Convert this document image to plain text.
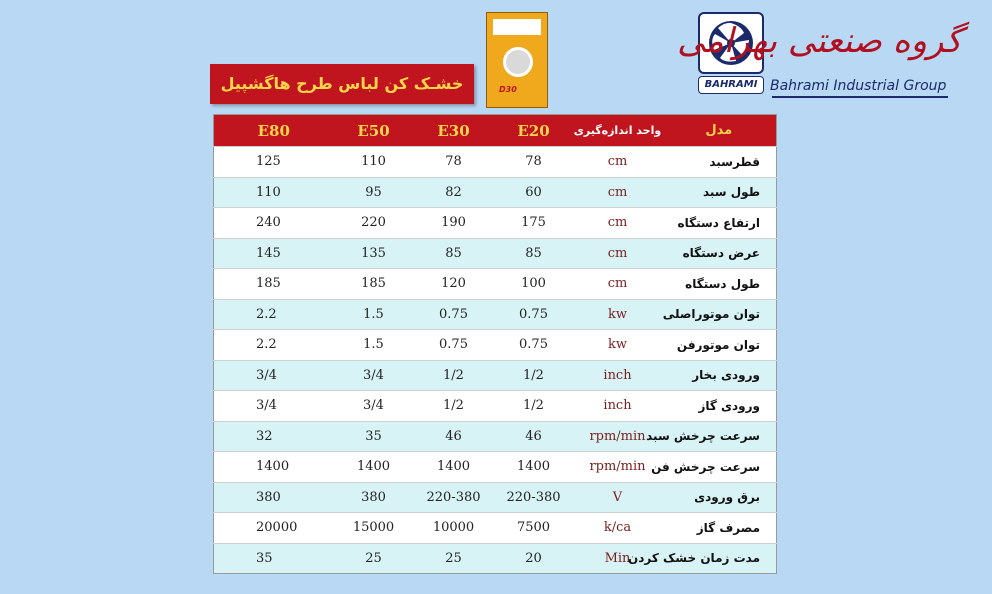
BAHRAMI
گروه صنعتی بهرامی
Bahrami Industrial Group
D30
خشـک کن لباس طرح هاگشپیل
E80	E50	E30	E20	واحد اندازه‌گیری	مدل
125	110	78	78	cm	قطرسبد
110	95	82	60	cm	طول سبد
240	220	190	175	cm	ارتفاع دستگاه
145	135	85	85	cm	عرض دستگاه
185	185	120	100	cm	طول دستگاه
2.2	1.5	0.75	0.75	kw	توان موتوراصلی
2.2	1.5	0.75	0.75	kw	توان موتورفن
3/4	3/4	1/2	1/2	inch	ورودی بخار
3/4	3/4	1/2	1/2	inch	ورودی گاز
32	35	46	46	rpm/min	سرعت چرخش سبد
1400	1400	1400	1400	rpm/min	سرعت چرخش فن
380	380	220-380	220-380	V	برق ورودی
20000	15000	10000	7500	k/ca	مصرف گاز
35	25	25	20	Min	مدت زمان خشک کردن
